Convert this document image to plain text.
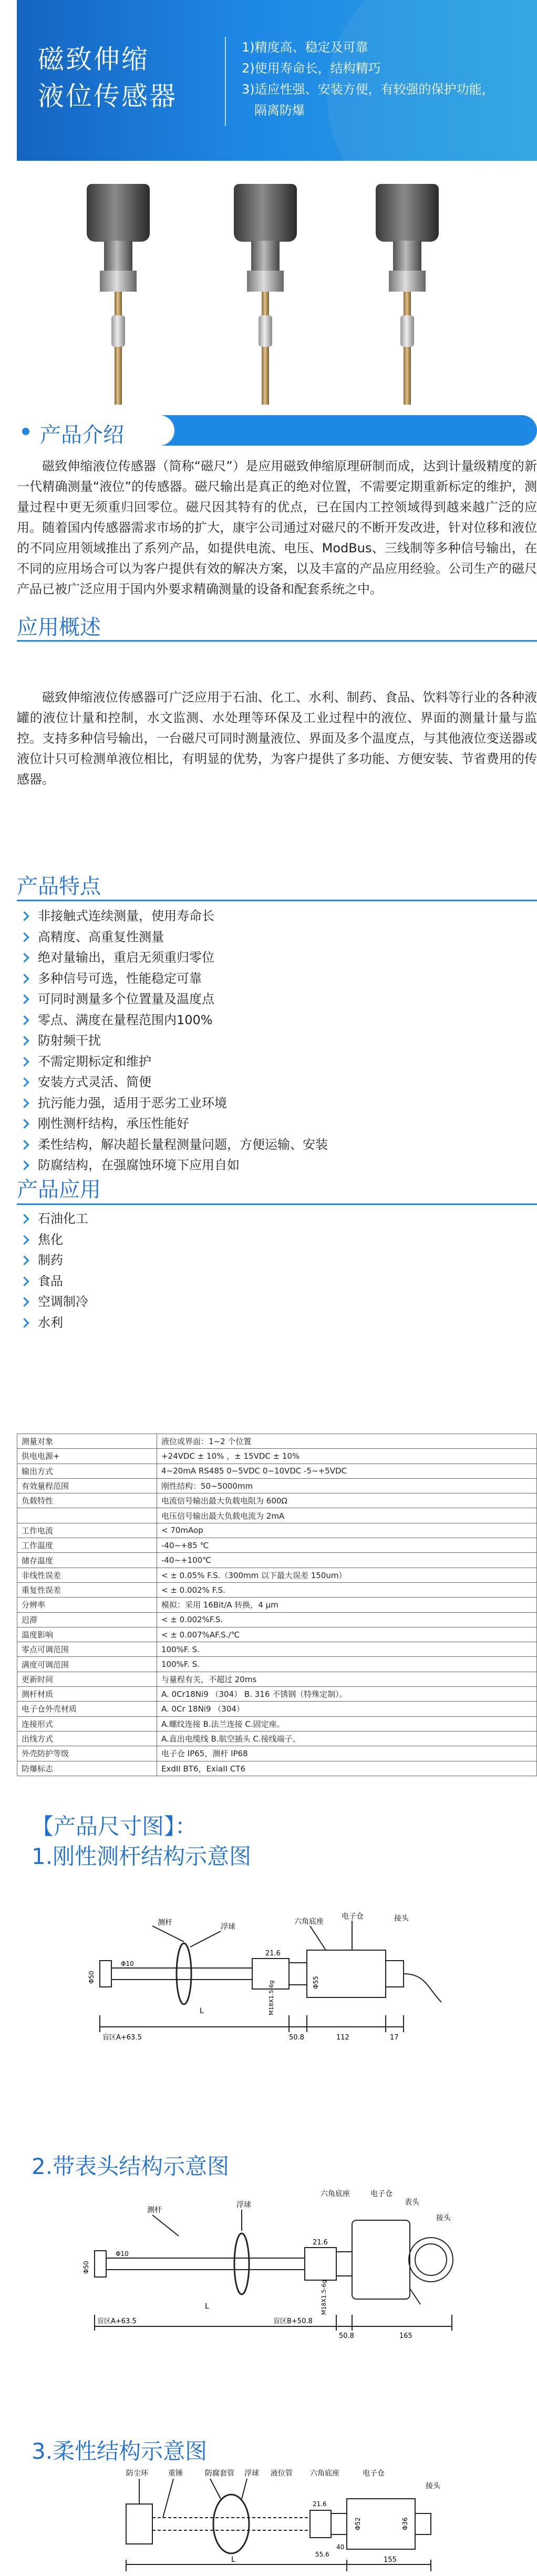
磁致伸缩
液位传感器
1)精度高、稳定及可靠
2)使用寿命长，结构精巧
3)适应性强、安装方便，有较强的保护功能，
隔离防爆
产品介绍
磁致伸缩液位传感器（简称“磁尺”）是应用磁致伸缩原理研制而成，达到计量级精度的新一代精确测量“液位”的传感器。磁尺输出是真正的绝对位置，不需要定期重新标定的维护，测量过程中更无须重归回零位。磁尺因其特有的优点，已在国内工控领域得到越来越广泛的应用。随着国内传感器需求市场的扩大，康宇公司通过对磁尺的不断开发改进，针对位移和液位的不同应用领域推出了系列产品，如提供电流、电压、ModBus、三线制等多种信号输出，在不同的应用场合可以为客户提供有效的解决方案，以及丰富的产品应用经验。公司生产的磁尺产品已被广泛应用于国内外要求精确测量的设备和配套系统之中。
应用概述
磁致伸缩液位传感器可广泛应用于石油、化工、水利、制药、食品、饮料等行业的各种液罐的液位计量和控制，水文监测、水处理等环保及工业过程中的液位、界面的测量计量与监控。支持多种信号输出，一台磁尺可同时测量液位、界面及多个温度点，与其他液位变送器或液位计只可检测单液位相比，有明显的优势，为客户提供了多功能、方便安装、节省费用的传感器。
产品特点
非接触式连续测量，使用寿命长
高精度、高重复性测量
绝对量输出，重启无须重归零位
多种信号可选，性能稳定可靠
可同时测量多个位置量及温度点
零点、满度在量程范围内100%
防射频干扰
不需定期标定和维护
安装方式灵活、简便
抗污能力强，适用于恶劣工业环境
刚性测杆结构，承压性能好
柔性结构，解决超长量程测量问题，方便运输、安装
防腐结构，在强腐蚀环境下应用自如
产品应用
石油化工
焦化
制药
食品
空调制冷
水利
测量对象	液位或界面：1~2 个位置
供电电源+	+24VDC ± 10% ，± 15VDC ± 10%
输出方式	4~20mA RS485 0~5VDC 0~10VDC -5~+5VDC
有效量程范围	刚性结构：50~5000mm
负载特性	电流信号输出最大负载电阻为 600Ω
	电压信号输出最大负载电流为 2mA
工作电流	< 70mAop
工作温度	-40~+85 ℃
储存温度	-40~+100℃
非线性误差	< ± 0.05% F.S.（300mm 以下最大误差 150um）
重复性误差	< ± 0.002% F.S.
分辨率	模拟：采用 16Bit/A 转换，4 μm
迟滞	< ± 0.002%F.S.
温度影响	< ± 0.007%AF.S./℃
零点可调范围	100%F. S.
满度可调范围	100%F. S.
更新时间	与量程有关，不超过 20ms
测杆材质	A. 0Cr18Ni9 （304） B. 316 不锈钢（特殊定制）。
电子仓外壳材质	A. 0Cr 18Ni9 （304）
连接形式	A.螺纹连接 B.法兰连接 C.固定座。
出线方式	A.直出电缆线 B.航空插头 C.接线端子。
外壳防护等级	电子仓 IP65，测杆 IP68
防爆标志	ExdII BT6，ExiaII CT6
【产品尺寸图】：
1.刚性测杆结构示意图
测杆	浮球
六角底座
电子仓	接头
21.6
M18X1.5-6g	Φ55
Φ50
Φ10
L
盲区A+63.5	50.8	112	17
2.带表头结构示意图
测杆
浮球
六角底座	电子仓
表头
接头
21.6
M18X1.5-6g
Φ50
Φ10
盲区A+63.5
L
盲区B+50.8
50.8	165
3.柔性结构示意图
防尘环	重锤	防腐套管 浮球 液位管 六角底座	电子仓
接头
21.6
55.6
40
Φ52	Φ36
L	155
